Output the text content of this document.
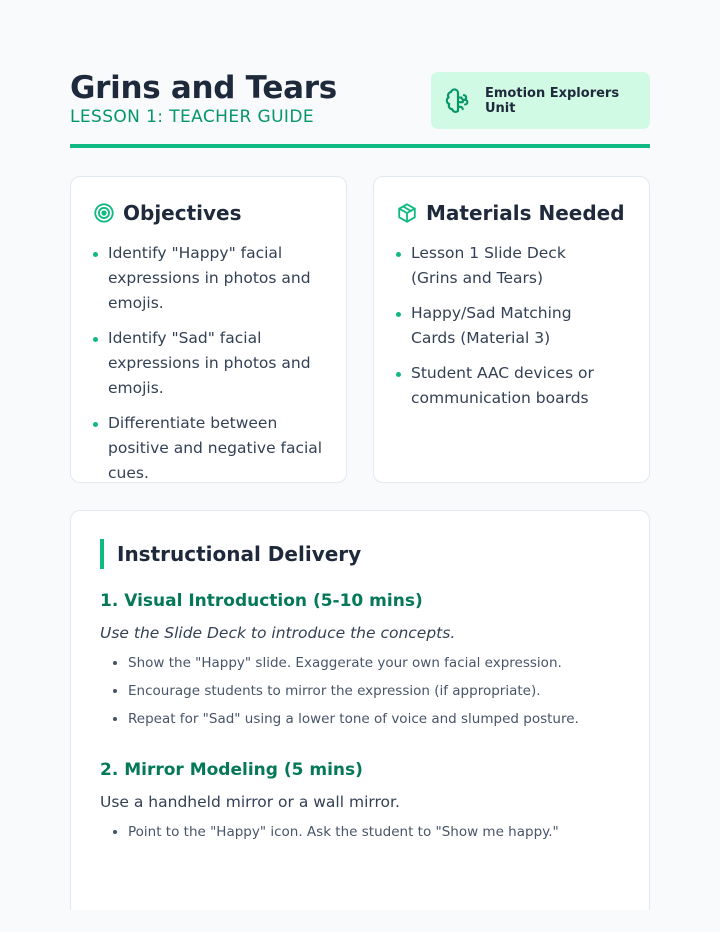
Grins and Tears
LESSON 1: TEACHER GUIDE
Emotion Explorers Unit
Objectives
Identify "Happy" facial expressions in photos and emojis.
Identify "Sad" facial expressions in photos and emojis.
Differentiate between positive and negative facial cues.
Materials Needed
Lesson 1 Slide Deck (Grins and Tears)
Happy/Sad Matching Cards (Material 3)
Student AAC devices or communication boards
Instructional Delivery
1. Visual Introduction (5-10 mins)
Use the Slide Deck to introduce the concepts.
Show the "Happy" slide. Exaggerate your own facial expression.
Encourage students to mirror the expression (if appropriate).
Repeat for "Sad" using a lower tone of voice and slumped posture.
2. Mirror Modeling (5 mins)
Use a handheld mirror or a wall mirror.
Point to the "Happy" icon. Ask the student to "Show me happy."
